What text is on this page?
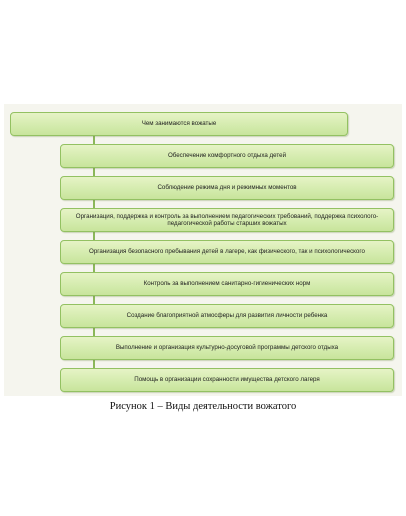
Чем занимаются вожатые
Обеспечение комфортного отдыха детей
Соблюдение режима дня и режимных моментов
Организация, поддержка и контроль за выполнением педагогических требований, поддержка психолого-педагогической работы старших вожатых
Организация безопасного пребывания детей в лагере, как физического, так и психологического
Контроль за выполнением санитарно-гигиенических норм
Создание благоприятной атмосферы для развития личности ребенка
Выполнение и организация культурно-досуговой программы детского отдыха
Помощь в организации сохранности имущества детского лагеря
Рисунок 1 – Виды деятельности вожатого
